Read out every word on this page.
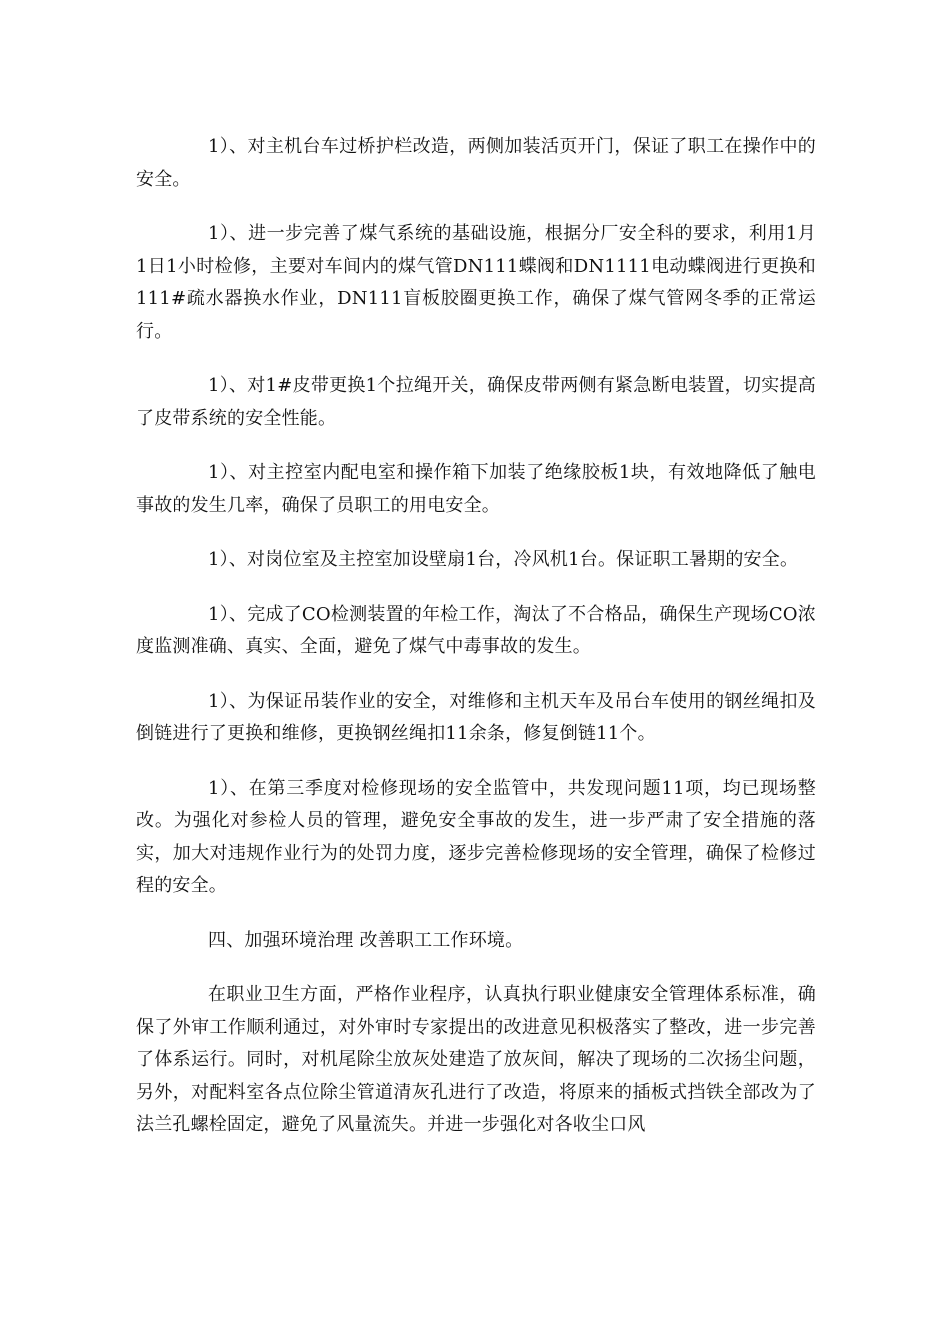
1）、对主机台车过桥护栏改造，两侧加装活页开门，保证了职工在操作中的安全。

1）、进一步完善了煤气系统的基础设施，根据分厂安全科的要求，利用1月1日1小时检修，主要对车间内的煤气管DN111蝶阀和DN1111电动蝶阀进行更换和111#疏水器换水作业，DN111盲板胶圈更换工作，确保了煤气管网冬季的正常运行。

1）、对1#皮带更换1个拉绳开关，确保皮带两侧有紧急断电装置，切实提高了皮带系统的安全性能。

1）、对主控室内配电室和操作箱下加装了绝缘胶板1块，有效地降低了触电事故的发生几率，确保了员职工的用电安全。

1）、对岗位室及主控室加设壁扇1台，冷风机1台。保证职工暑期的安全。

1）、完成了CO检测装置的年检工作，淘汰了不合格品，确保生产现场CO浓度监测准确、真实、全面，避免了煤气中毒事故的发生。

1）、为保证吊装作业的安全，对维修和主机天车及吊台车使用的钢丝绳扣及倒链进行了更换和维修，更换钢丝绳扣11余条，修复倒链11个。

1）、在第三季度对检修现场的安全监管中，共发现问题11项，均已现场整改。为强化对参检人员的管理，避免安全事故的发生，进一步严肃了安全措施的落实，加大对违规作业行为的处罚力度，逐步完善检修现场的安全管理，确保了检修过程的安全。

四、加强环境治理 改善职工工作环境。

在职业卫生方面，严格作业程序，认真执行职业健康安全管理体系标准，确保了外审工作顺利通过，对外审时专家提出的改进意见积极落实了整改，进一步完善了体系运行。同时，对机尾除尘放灰处建造了放灰间，解决了现场的二次扬尘问题，另外，对配料室各点位除尘管道清灰孔进行了改造，将原来的插板式挡铁全部改为了法兰孔螺栓固定，避免了风量流失。并进一步强化对各收尘口风
